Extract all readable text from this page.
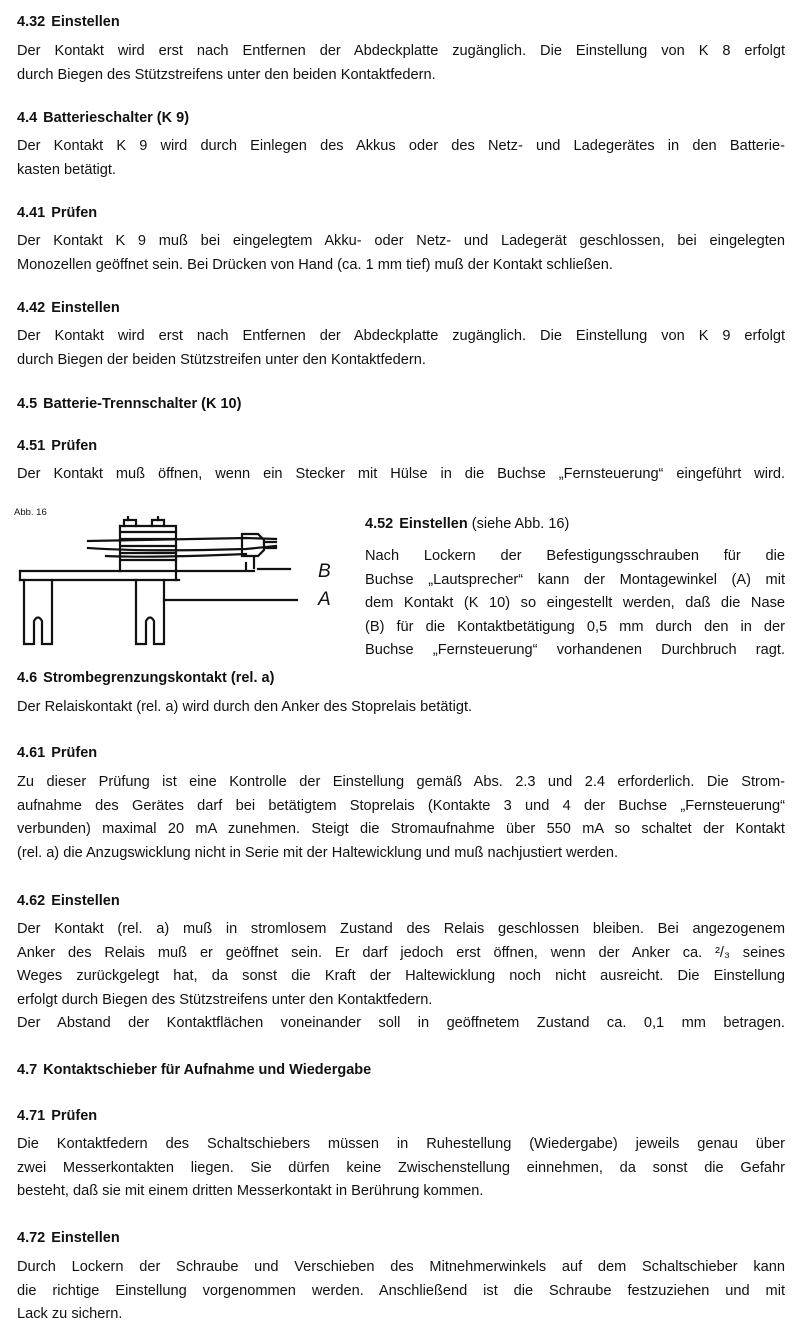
4.32 Einstellen
Der Kontakt wird erst nach Entfernen der Abdeckplatte zugänglich. Die Einstellung von K 8 erfolgt
durch Biegen des Stützstreifens unter den beiden Kontaktfedern.
4.4 Batterieschalter (K 9)
Der Kontakt K 9 wird durch Einlegen des Akkus oder des Netz- und Ladegerätes in den Batterie-
kasten betätigt.
4.41 Prüfen
Der Kontakt K 9 muß bei eingelegtem Akku- oder Netz- und Ladegerät geschlossen, bei eingelegten
Monozellen geöffnet sein. Bei Drücken von Hand (ca. 1 mm tief) muß der Kontakt schließen.
4.42 Einstellen
Der Kontakt wird erst nach Entfernen der Abdeckplatte zugänglich. Die Einstellung von K 9 erfolgt
durch Biegen der beiden Stützstreifen unter den Kontaktfedern.
4.5 Batterie-Trennschalter (K 10)
4.51 Prüfen
Der Kontakt muß öffnen, wenn ein Stecker mit Hülse in die Buchse „Fernsteuerung“ eingeführt wird.
Abb. 16
B
A
4.52 Einstellen (siehe Abb. 16)
Nach Lockern der Befestigungsschrauben für die
Buchse „Lautsprecher“ kann der Montagewinkel (A) mit
dem Kontakt (K 10) so eingestellt werden, daß die Nase
(B) für die Kontaktbetätigung 0,5 mm durch den in der
Buchse „Fernsteuerung“ vorhandenen Durchbruch ragt.
4.6 Strombegrenzungskontakt (rel. a)
Der Relaiskontakt (rel. a) wird durch den Anker des Stoprelais betätigt.
4.61 Prüfen
Zu dieser Prüfung ist eine Kontrolle der Einstellung gemäß Abs. 2.3 und 2.4 erforderlich. Die Strom-
aufnahme des Gerätes darf bei betätigtem Stoprelais (Kontakte 3 und 4 der Buchse „Fernsteuerung“
verbunden) maximal 20 mA zunehmen. Steigt die Stromaufnahme über 550 mA so schaltet der Kontakt
(rel. a) die Anzugswicklung nicht in Serie mit der Haltewicklung und muß nachjustiert werden.
4.62 Einstellen
Der Kontakt (rel. a) muß in stromlosem Zustand des Relais geschlossen bleiben. Bei angezogenem
Anker des Relais muß er geöffnet sein. Er darf jedoch erst öffnen, wenn der Anker ca. ²/₃ seines
Weges zurückgelegt hat, da sonst die Kraft der Haltewicklung noch nicht ausreicht. Die Einstellung
erfolgt durch Biegen des Stützstreifens unter den Kontaktfedern.
Der Abstand der Kontaktflächen voneinander soll in geöffnetem Zustand ca. 0,1 mm betragen.
4.7 Kontaktschieber für Aufnahme und Wiedergabe
4.71 Prüfen
Die Kontaktfedern des Schaltschiebers müssen in Ruhestellung (Wiedergabe) jeweils genau über
zwei Messerkontakten liegen. Sie dürfen keine Zwischenstellung einnehmen, da sonst die Gefahr
besteht, daß sie mit einem dritten Messerkontakt in Berührung kommen.
4.72 Einstellen
Durch Lockern der Schraube und Verschieben des Mitnehmerwinkels auf dem Schaltschieber kann
die richtige Einstellung vorgenommen werden. Anschließend ist die Schraube festzuziehen und mit
Lack zu sichern.
